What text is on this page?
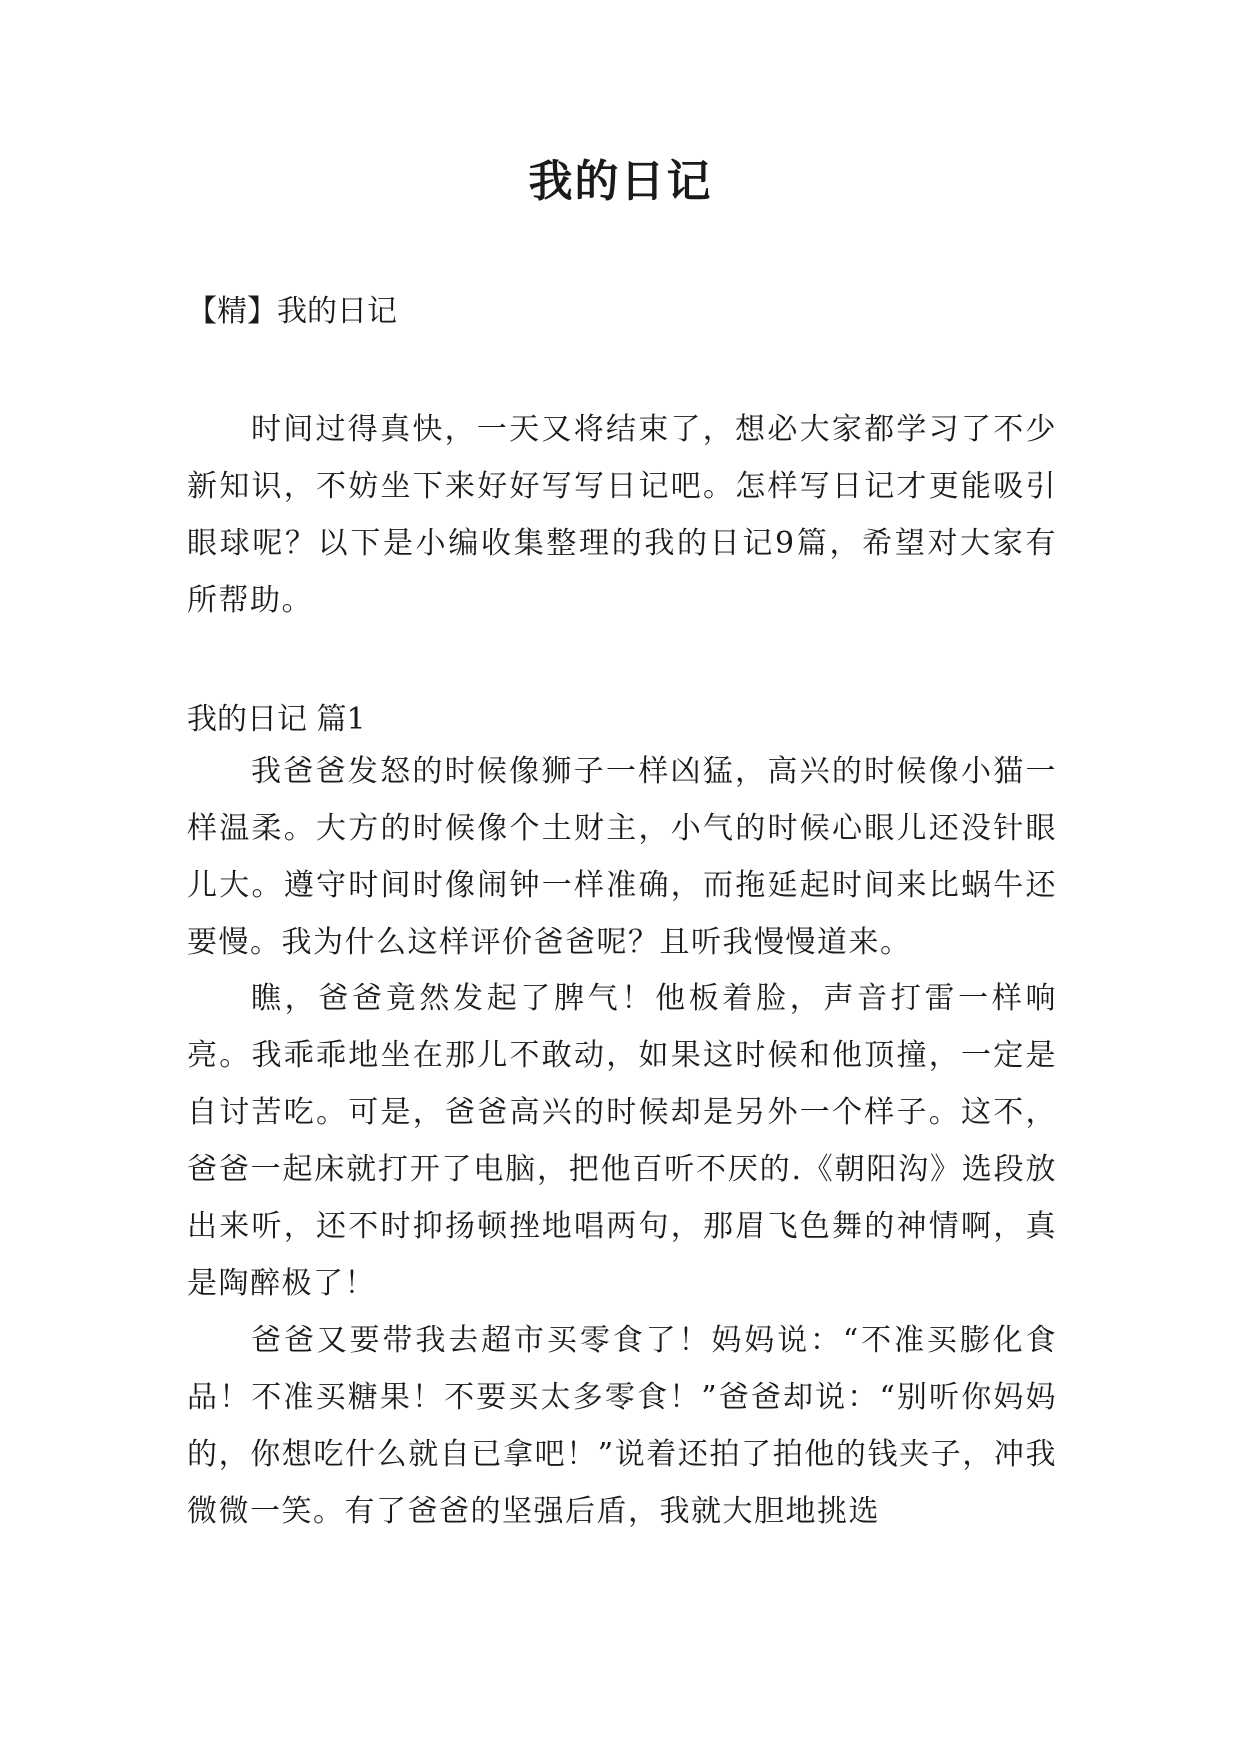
我的日记
【精】我的日记

时间过得真快，一天又将结束了，想必大家都学习了不少新知识，不妨坐下来好好写写日记吧。怎样写日记才更能吸引眼球呢？以下是小编收集整理的我的日记9篇，希望对大家有所帮助。

我的日记 篇1

我爸爸发怒的时候像狮子一样凶猛，高兴的时候像小猫一样温柔。大方的时候像个土财主，小气的时候心眼儿还没针眼儿大。遵守时间时像闹钟一样准确，而拖延起时间来比蜗牛还要慢。我为什么这样评价爸爸呢？且听我慢慢道来。

瞧，爸爸竟然发起了脾气！他板着脸，声音打雷一样响亮。我乖乖地坐在那儿不敢动，如果这时候和他顶撞，一定是自讨苦吃。可是，爸爸高兴的时候却是另外一个样子。这不，爸爸一起床就打开了电脑，把他百听不厌的.《朝阳沟》选段放出来听，还不时抑扬顿挫地唱两句，那眉飞色舞的神情啊，真是陶醉极了！

爸爸又要带我去超市买零食了！妈妈说：“不准买膨化食品！不准买糖果！不要买太多零食！”爸爸却说：“别听你妈妈的，你想吃什么就自已拿吧！”说着还拍了拍他的钱夹子，冲我微微一笑。有了爸爸的坚强后盾，我就大胆地挑选
